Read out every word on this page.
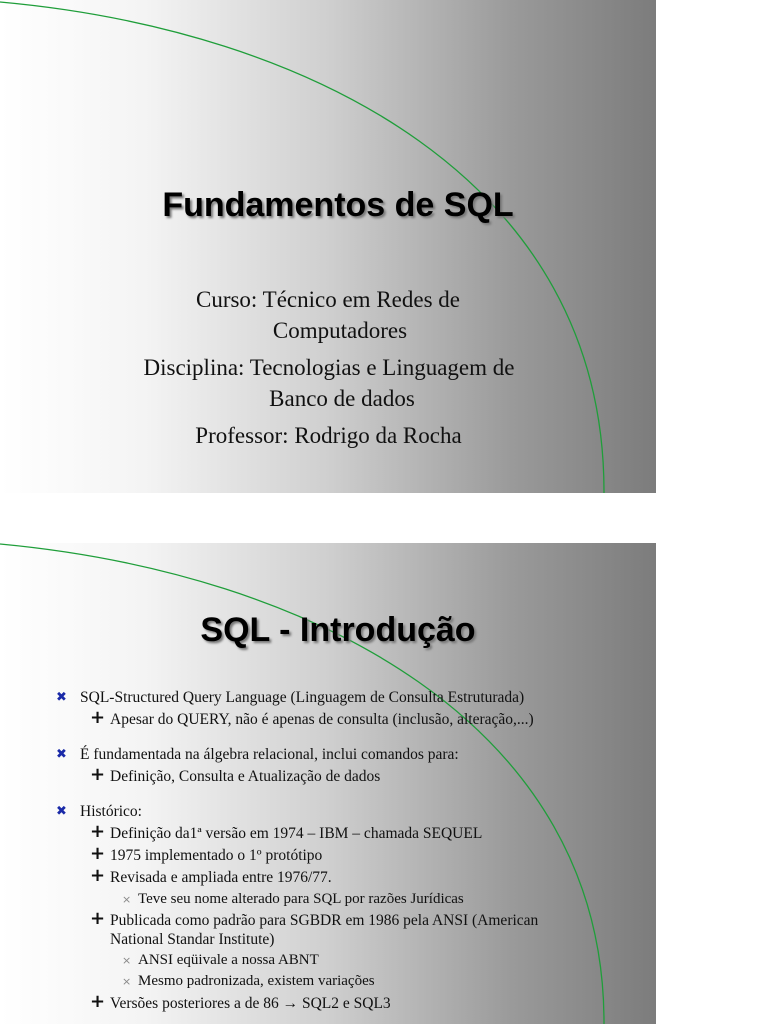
Fundamentos de SQL
Curso: Técnico em Redes de
Computadores
Disciplina: Tecnologias e Linguagem de
Banco de dados
Professor: Rodrigo da Rocha
SQL - Introdução
✖ SQL-Structured Query Language (Linguagem de Consulta Estruturada)
+ Apesar do QUERY, não é apenas de consulta (inclusão, alteração,...)
✖ É fundamentada na álgebra relacional, inclui comandos para:
+ Definição, Consulta e Atualização de dados
✖ Histórico:
+ Definição da1ª versão em 1974 – IBM – chamada SEQUEL
+ 1975 implementado o 1º protótipo
+ Revisada e ampliada entre 1976/77.
× Teve seu nome alterado para SQL por razões Jurídicas
+ Publicada como padrão para SGBDR em 1986 pela ANSI (American
National Standar Institute)
× ANSI eqüivale a nossa ABNT
× Mesmo padronizada, existem variações
+ Versões posteriores a de 86 → SQL2 e SQL3
